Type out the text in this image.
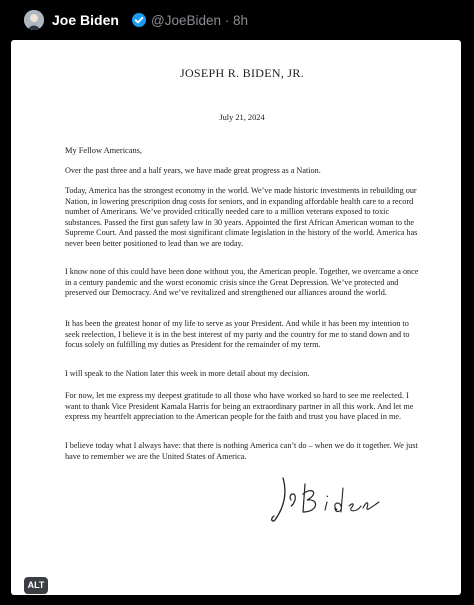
Joe Biden @JoeBiden · 8h
JOSEPH R. BIDEN, JR.
July 21, 2024
My Fellow Americans,

Over the past three and a half years, we have made great progress as a Nation.

Today, America has the strongest economy in the world. We’ve made historic investments in rebuilding our Nation, in lowering prescription drug costs for seniors, and in expanding affordable health care to a record number of Americans. We’ve provided critically needed care to a million veterans exposed to toxic substances. Passed the first gun safety law in 30 years. Appointed the first African American woman to the Supreme Court. And passed the most significant climate legislation in the history of the world. America has never been better positioned to lead than we are today.

I know none of this could have been done without you, the American people. Together, we overcame a once in a century pandemic and the worst economic crisis since the Great Depression. We’ve protected and preserved our Democracy. And we’ve revitalized and strengthened our alliances around the world.

It has been the greatest honor of my life to serve as your President. And while it has been my intention to seek reelection, I believe it is in the best interest of my party and the country for me to stand down and to focus solely on fulfilling my duties as President for the remainder of my term.

I will speak to the Nation later this week in more detail about my decision.

For now, let me express my deepest gratitude to all those who have worked so hard to see me reelected. I want to thank Vice President Kamala Harris for being an extraordinary partner in all this work. And let me express my heartfelt appreciation to the American people for the faith and trust you have placed in me.

I believe today what I always have: that there is nothing America can’t do – when we do it together. We just have to remember we are the United States of America.

ALT
